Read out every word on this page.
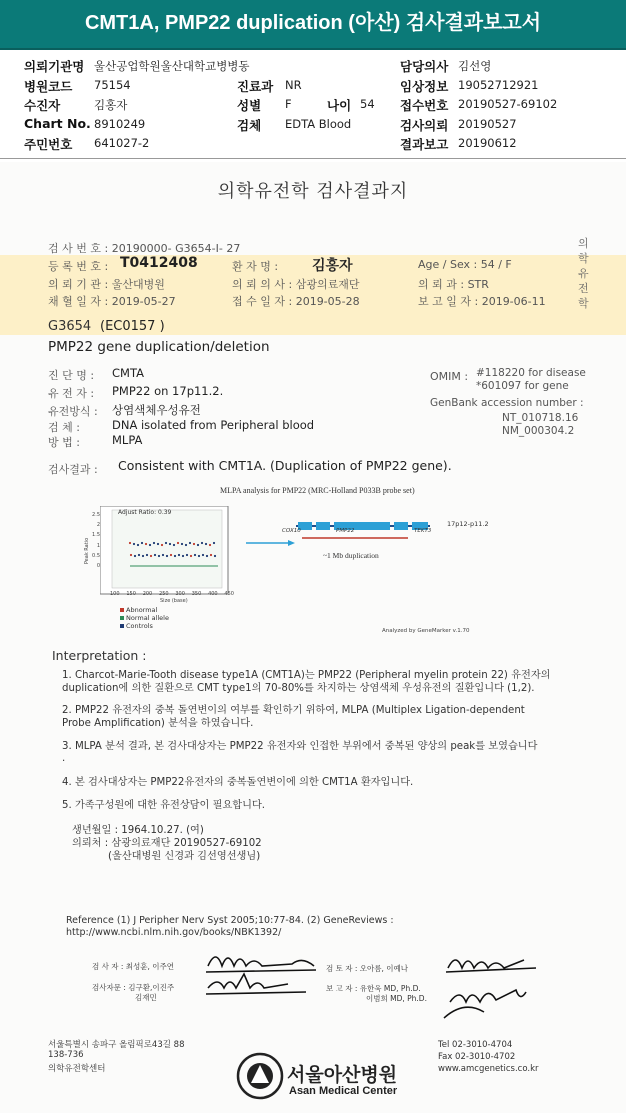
CMT1A, PMP22 duplication (아산) 검사결과보고서
의뢰기관명 울산공업학원울산대학교병병동	담당의사 김선영
병원코드 75154	진료과 NR	임상정보 19052712921
수진자	김홍자	성별 F	나이 54 접수번호 20190527-69102
Chart No. 8910249	검체 EDTA Blood	검사의뢰 20190527
주민번호 641027-2	결과보고 20190612
의학유전학 검사결과지
의학유전학
검 사 번 호 : 20190000- G3654-I- 27
등 록 번 호 : T0412408	환 자 명 : 김홍자	Age / Sex : 54 / F
의 뢰 기 관 : 울산대병원	의 뢰 의 사 : 삼광의료재단	의 뢰 과 : STR
채 혈 일 자 : 2019-05-27	접 수 일 자 : 2019-05-28	보 고 일 자 : 2019-06-11
G3654 (EC0157 )
PMP22 gene duplication/deletion
진 단 명 : CMTA
유 전 자 : PMP22 on 17p11.2.
유전방식 : 상염색체우성유전
검 체 :	DNA isolated from Peripheral blood
방 법 :	MLPA
OMIM : #118220 for disease
*601097 for gene
GenBank accession number :
NT_010718.16
NM_000304.2
검사결과 : Consistent with CMT1A. (Duplication of PMP22 gene).
MLPA analysis for PMP22 (MRC-Holland P033B probe set)
Adjust Ratio: 0.39
2.5
2
1.5
1
0.5
0
Peak Ratio
100 150 200 250 300 350 400 450
Size (base)
COX10	PMP22	TEKT3
17p12-p11.2
~1 Mb duplication
Abnormal
Normal allele
Controls
Analyzed by GeneMarker v.1.70
Interpretation :
1. Charcot-Marie-Tooth disease type1A (CMT1A)는 PMP22 (Peripheral myelin protein 22) 유전자의
duplication에 의한 질환으로 CMT type1의 70-80%를 차지하는 상염색체 우성유전의 질환입니다 (1,2).
2. PMP22 유전자의 중복 돌연변이의 여부를 확인하기 위하여, MLPA (Multiplex Ligation-dependent
Probe Amplification) 분석을 하였습니다.
3. MLPA 분석 결과, 본 검사대상자는 PMP22 유전자와 인접한 부위에서 중복된 양상의 peak를 보였습니다
.
4. 본 검사대상자는 PMP22유전자의 중복돌연변이에 의한 CMT1A 환자입니다.
5. 가족구성원에 대한 유전상담이 필요합니다.
생년월일 : 1964.10.27. (여)
의뢰처 : 삼광의료재단 20190527-69102
(울산대병원 신경과 김선영선생님)
Reference (1) J Peripher Nerv Syst 2005;10:77-84. (2) GeneReviews :
http://www.ncbi.nlm.nih.gov/books/NBK1392/
검 사 자 : 최성훈, 이주연
검사자문 : 김구환,이진주
김재민
검 토 자 : 오아름, 이예나
보 고 자 : 유한욱 MD, Ph.D.
이범희 MD, Ph.D.
서울특별시 송파구 올림픽로43길 88
138-736
의학유전학센터
Tel 02-3010-4704
Fax 02-3010-4702
www.amcgenetics.co.kr
서울아산병원
Asan Medical Center
